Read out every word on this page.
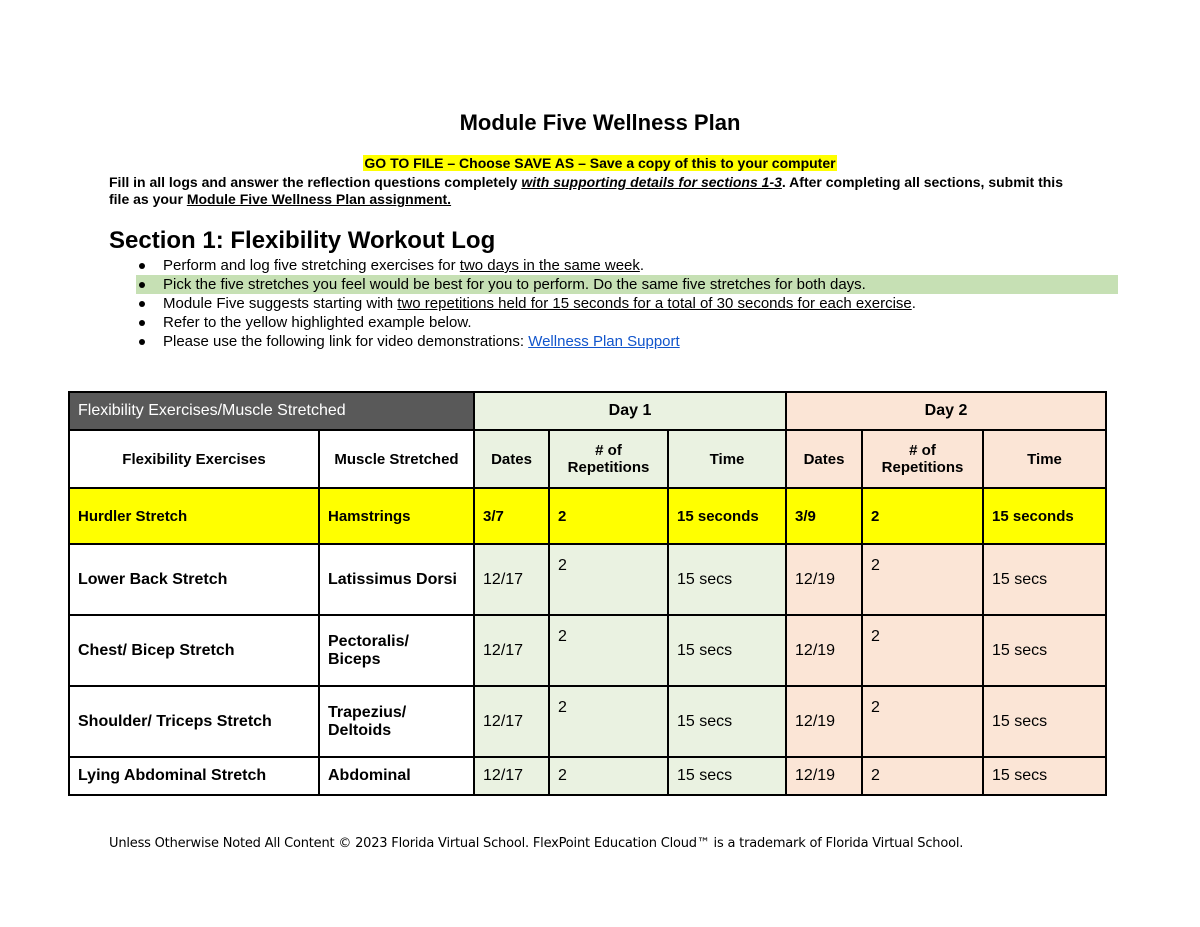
Module Five Wellness Plan
GO TO FILE – Choose SAVE AS – Save a copy of this to your computer
Fill in all logs and answer the reflection questions completely with supporting details for sections 1-3. After completing all sections, submit this file as your Module Five Wellness Plan assignment.
Section 1: Flexibility Workout Log
Perform and log five stretching exercises for two days in the same week.
Pick the five stretches you feel would be best for you to perform. Do the same five stretches for both days.
Module Five suggests starting with two repetitions held for 15 seconds for a total of 30 seconds for each exercise.
Refer to the yellow highlighted example below.
Please use the following link for video demonstrations: Wellness Plan Support
Flexibility Exercises/Muscle Stretched		Day 1			Day 2		
Flexibility Exercises	Muscle Stretched	Dates	# of Repetitions	Time	Dates	# of Repetitions	Time
Hurdler Stretch	Hamstrings	3/7	2	15 seconds	3/9	2	15 seconds
Lower Back Stretch	Latissimus Dorsi	12/17	2	15 secs	12/19	2	15 secs
Chest/ Bicep Stretch	Pectoralis/ Biceps	12/17	2	15 secs	12/19	2	15 secs
Shoulder/ Triceps Stretch	Trapezius/ Deltoids	12/17	2	15 secs	12/19	2	15 secs
Lying Abdominal Stretch	Abdominal	12/17	2	15 secs	12/19	2	15 secs
Unless Otherwise Noted All Content © 2023 Florida Virtual School. FlexPoint Education Cloud™ is a trademark of Florida Virtual School.
